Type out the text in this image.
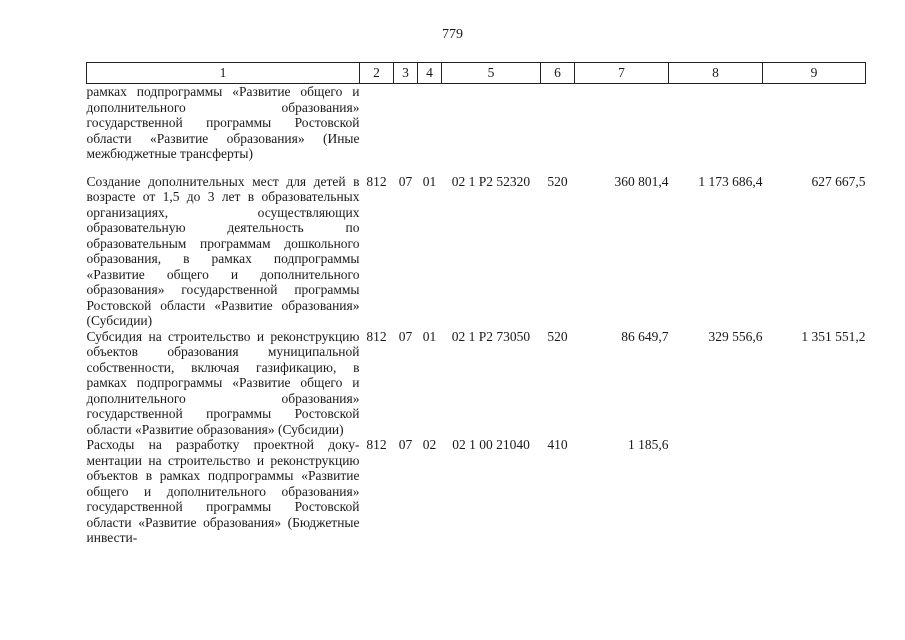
779
1	2	3	4	5	6	7	8	9
рамках подпрограммы «Развитие общего и дополнительного образования» государственной программы Ростовской области «Развитие образования» (Иные межбюджетные трансферты)								
Создание дополнительных мест для детей в возрасте от 1,5 до 3 лет в образовательных организациях, осуществляющих образовательную деятельность по образовательным программам дошкольного образования, в рамках подпрограммы «Развитие общего и дополнительного образования» государственной программы Ростовской области «Развитие образования» (Субсидии)	812	07	01	02 1 P2 52320	520	360 801,4	1 173 686,4	627 667,5
Субсидия на строительство и реконструкцию объектов образования муниципальной собственности, включая газификацию, в рамках подпрограммы «Развитие общего и дополнительного образования» государственной программы Ростовской области «Развитие образования» (Субсидии)	812	07	01	02 1 P2 73050	520	86 649,7	329 556,6	1 351 551,2
Расходы на разработку проектной документации на строительство и реконструкцию объектов в рамках подпрограммы «Развитие общего и дополнительного образования» государственной программы Ростовской области «Развитие образования» (Бюджетные инвести-	812	07	02	02 1 00 21040	410	1 185,6		
